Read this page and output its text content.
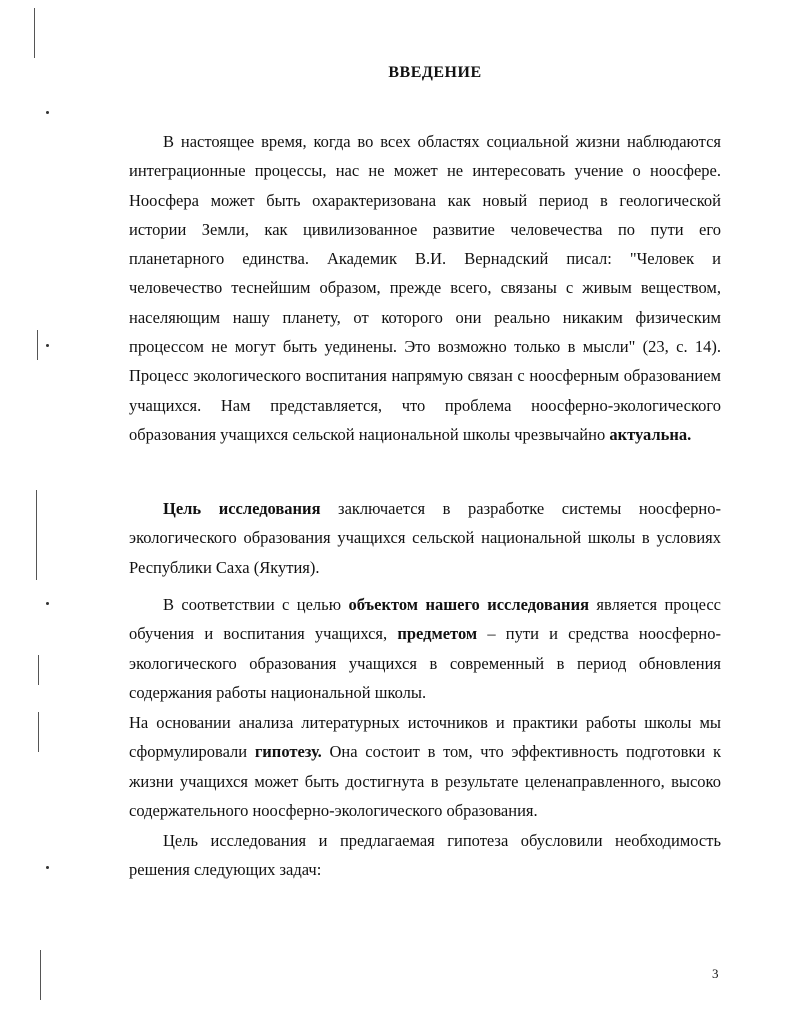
ВВЕДЕНИЕ
В настоящее время, когда во всех областях социальной жизни наблюдаются интеграционные процессы, нас не может не интересовать учение о ноосфере. Ноосфера может быть охарактеризована как новый период в геологической истории Земли, как цивилизованное развитие человечества по пути его планетарного единства. Академик В.И. Вернадский писал: "Человек и человечество теснейшим образом, прежде всего, связаны с живым веществом, населяющим нашу планету, от которого они реально никаким физическим процессом не могут быть уединены. Это возможно только в мысли" (23, с. 14). Процесс экологического воспитания напрямую связан с ноосферным образованием учащихся. Нам представляется, что проблема ноосферно-экологического образования учащихся сельской национальной школы чрезвычайно актуальна.
Цель исследования заключается в разработке системы ноосферно-экологического образования учащихся сельской национальной школы в условиях Республики Саха (Якутия).
В соответствии с целью объектом нашего исследования является процесс обучения и воспитания учащихся, предметом – пути и средства ноосферно-экологического образования учащихся в современный в период обновления содержания работы национальной школы.
На основании анализа литературных источников и практики работы школы мы сформулировали гипотезу. Она состоит в том, что эффективность подготовки к жизни учащихся может быть достигнута в результате целенаправленного, высоко содержательного ноосферно-экологического образования.
Цель исследования и предлагаемая гипотеза обусловили необходимость решения следующих задач:
3
